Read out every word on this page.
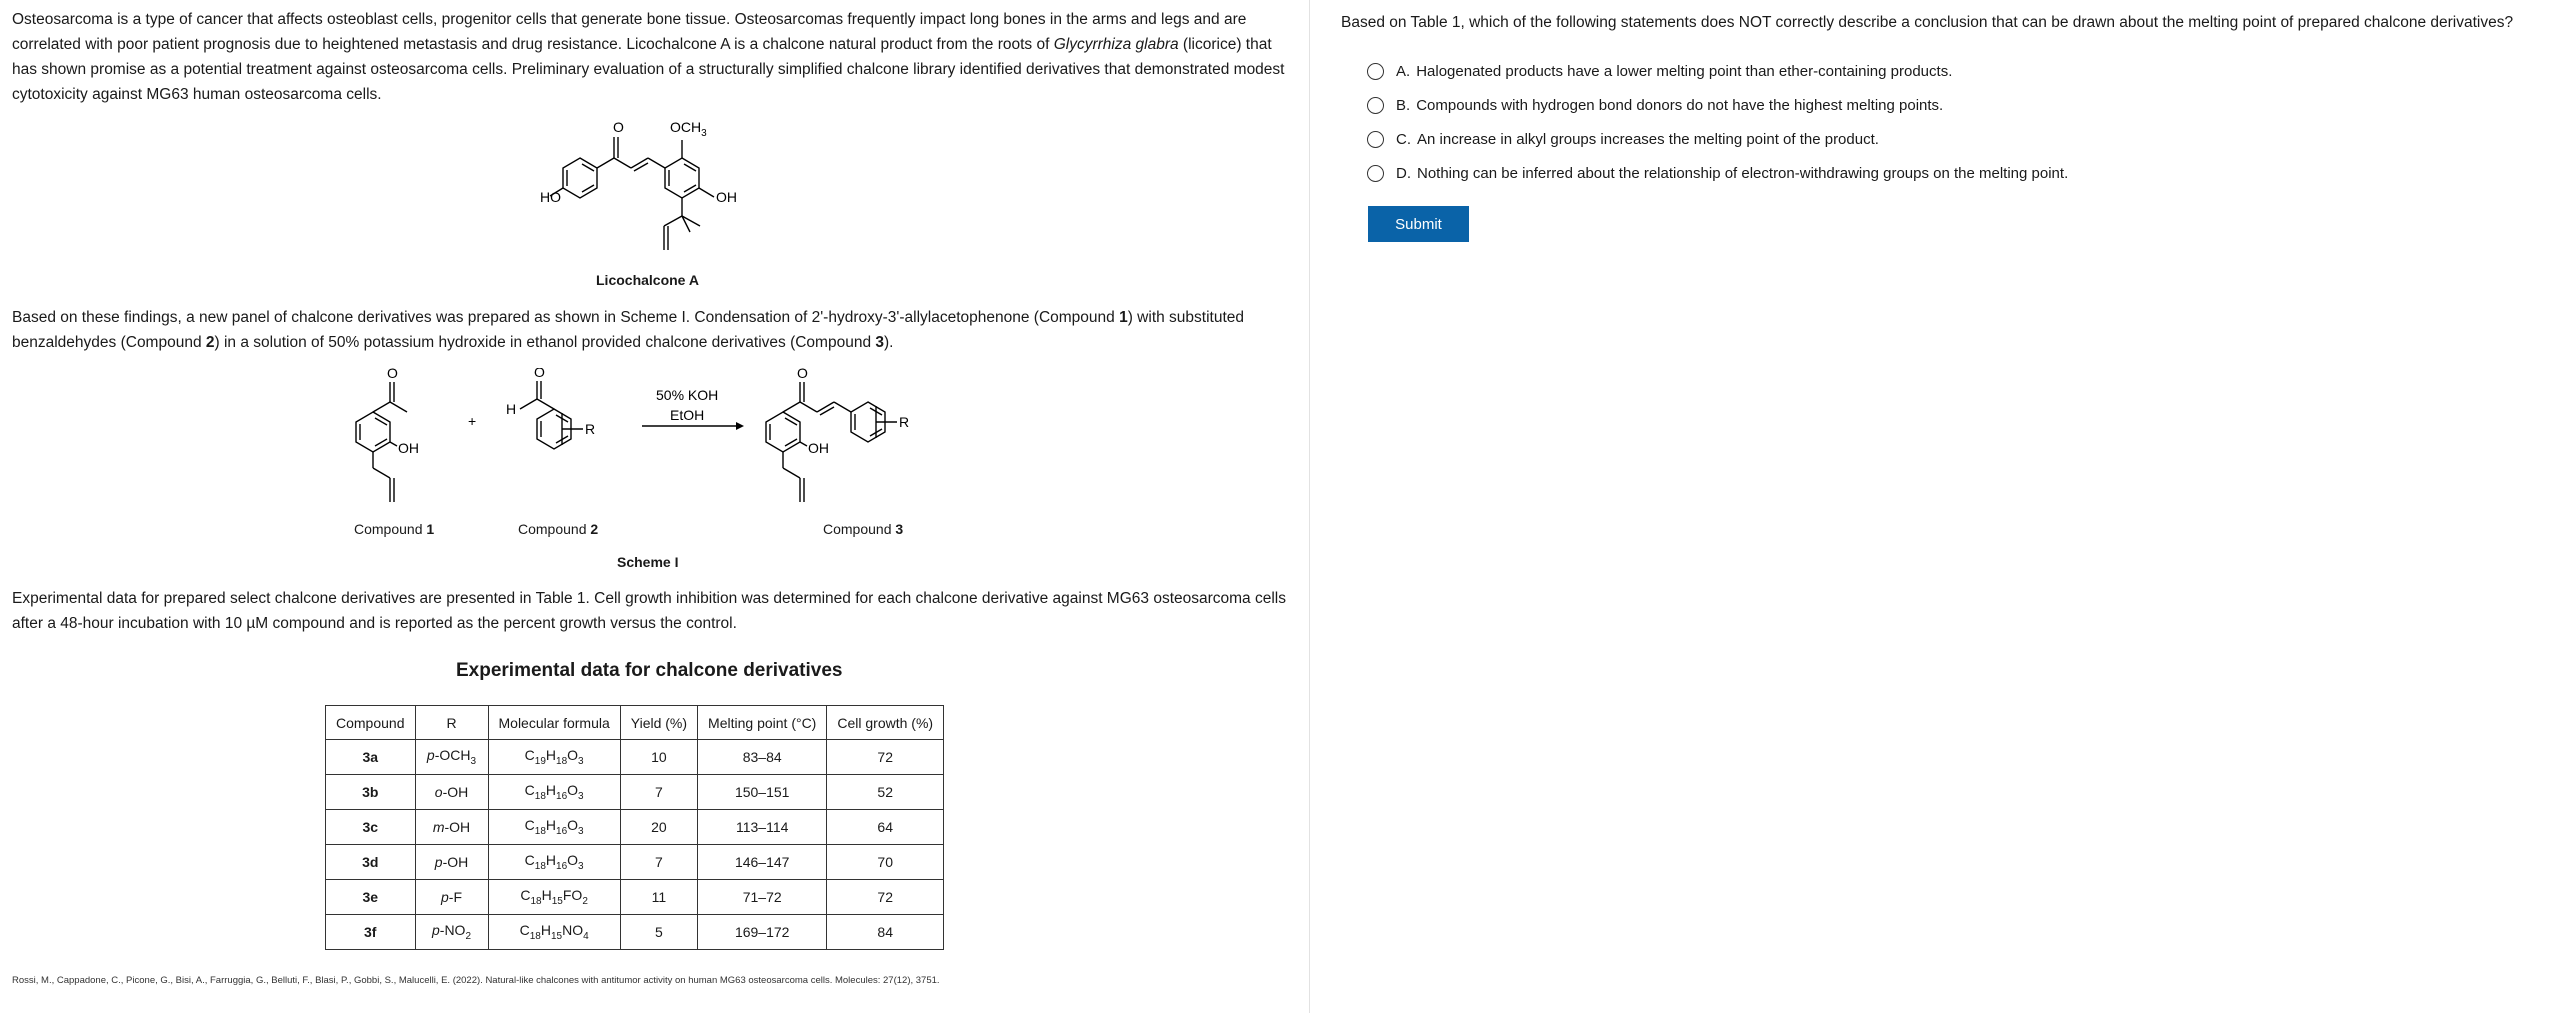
Osteosarcoma is a type of cancer that affects osteoblast cells, progenitor cells that generate bone tissue. Osteosarcomas frequently impact long bones in the arms and legs and are correlated with poor patient prognosis due to heightened metastasis and drug resistance. Licochalcone A is a chalcone natural product from the roots of Glycyrrhiza glabra (licorice) that has shown promise as a potential treatment against osteosarcoma cells. Preliminary evaluation of a structurally simplified chalcone library identified derivatives that demonstrated modest cytotoxicity against MG63 human osteosarcoma cells.

O
HO	OH
$OCH_3$
Licochalcone A

Based on these findings, a new panel of chalcone derivatives was prepared as shown in Scheme I. Condensation of 2'-hydroxy-3'-allylacetophenone (Compound 1) with substituted benzaldehydes (Compound 2) in a solution of 50% potassium hydroxide in ethanol provided chalcone derivatives (Compound 3).

O
OH
+
O
H
R
50% KOH
EtOH
O
OH
R
Compound 1	Compound 2	Compound 3
Scheme I

Experimental data for prepared select chalcone derivatives are presented in Table 1. Cell growth inhibition was determined for each chalcone derivative against MG63 osteosarcoma cells after a 48-hour incubation with 10 µM compound and is reported as the percent growth versus the control.

Experimental data for chalcone derivatives
Compound	R	Molecular formula	Yield (%)	Melting point (°C)	Cell growth (%)
3a	$p-OCH_3$	$C_{19}H_{18}O_3$	10	83–84	72
3b	o-OH	$C_{18}H_{16}O_3$	7	150–151	52
3c	m-OH	$C_{18}H_{16}O_3$	20	113–114	64
3d	p-OH	$C_{18}H_{16}O_3$	7	146–147	70
3e	p-F	$C_{18}H_{15}FO_2$	11	71–72	72
3f	$p-NO_2$	$C_{18}H_{15}NO_4$	5	169–172	84
Rossi, M., Cappadone, C., Picone, G., Bisi, A., Farruggia, G., Belluti, F., Blasi, P., Gobbi, S., Malucelli, E. (2022). Natural-like chalcones with antitumor activity on human MG63 osteosarcoma cells. Molecules: 27(12), 3751.
Based on Table 1, which of the following statements does NOT correctly describe a conclusion that can be drawn about the melting point of prepared chalcone derivatives?
A. Halogenated products have a lower melting point than ether-containing products.
B. Compounds with hydrogen bond donors do not have the highest melting points.
C. An increase in alkyl groups increases the melting point of the product.
D. Nothing can be inferred about the relationship of electron-withdrawing groups on the melting point.
Submit
